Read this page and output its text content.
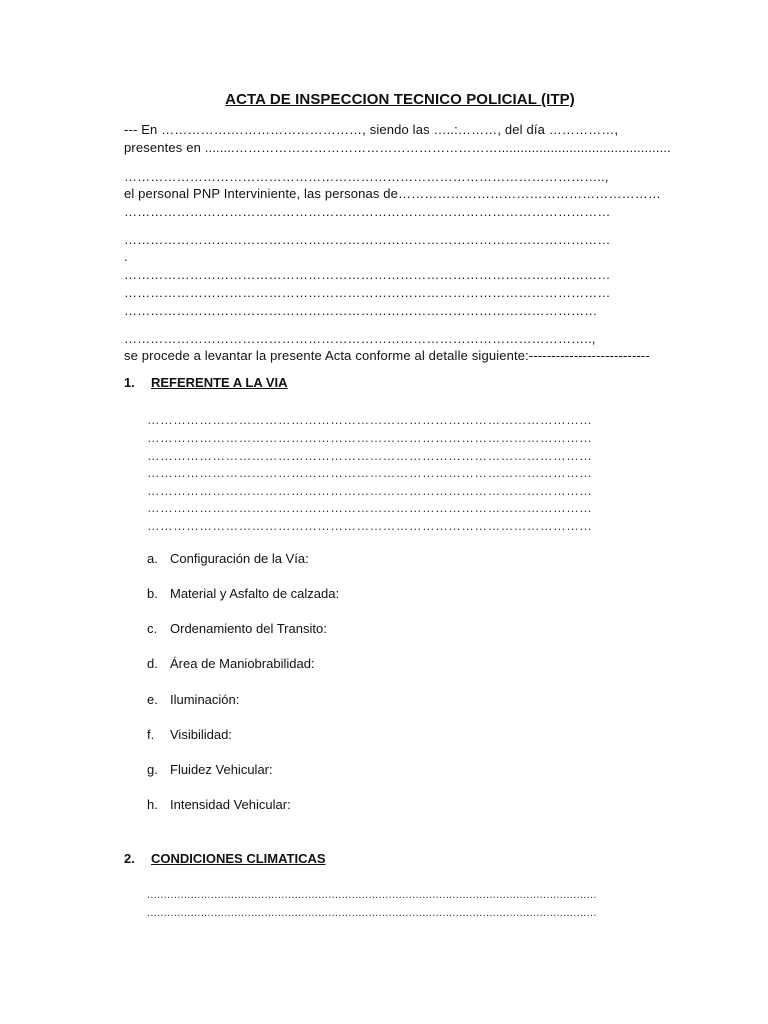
ACTA DE INSPECCION TECNICO POLICIAL (ITP)
--- En …………….…………………………, siendo las …..:………, del día ……………,
presentes en ........……………………………………………………..............................................
………………………………………………………………………………………………..,
el personal PNP Interviniente, las personas de……………………………………………………
…………………………………………………………………………………………………
…………………………………………………………………………………………………
.
…………………………………………………………………………………………………
…………………………………………………………………………………………………
………………………………………………………………………………………………
……………………………………………………………………………………………..,
se procede a levantar la presente Acta conforme al detalle siguiente:---------------------------
1. REFERENTE A LA VIA
…………………………………………………………………………………………
…………………………………………………………………………………………
…………………………………………………………………………………………
…………………………………………………………………………………………
…………………………………………………………………………………………
…………………………………………………………………………………………
…………………………………………………………………………………………
a. Configuración de la Vía:
b. Material y Asfalto de calzada:
c. Ordenamiento del Transito:
d. Área de Maniobrabilidad:
e. Iluminación:
f. Visibilidad:
g. Fluidez Vehicular:
h. Intensidad Vehicular:
2. CONDICIONES CLIMATICAS
......................................................................................................................................
......................................................................................................................................
